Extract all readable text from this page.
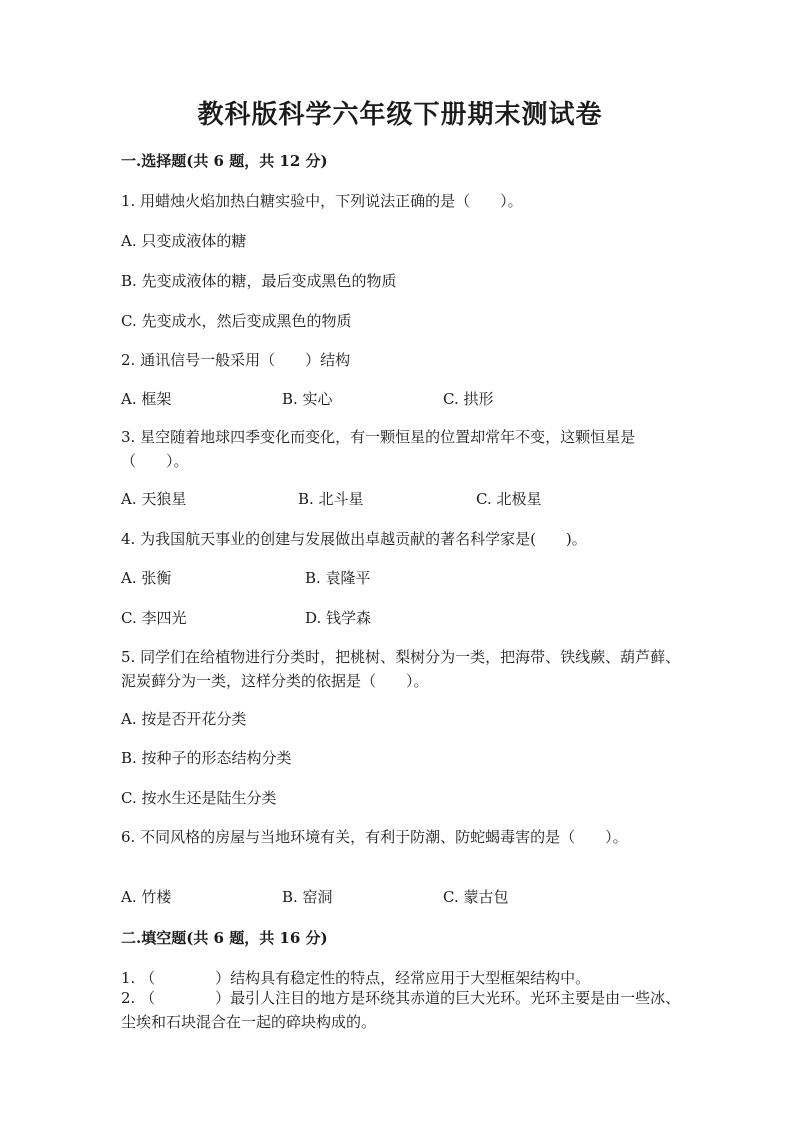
教科版科学六年级下册期末测试卷
一.选择题(共 6 题，共 12 分)
1. 用蜡烛火焰加热白糖实验中，下列说法正确的是（　　）。
A. 只变成液体的糖
B. 先变成液体的糖，最后变成黑色的物质
C. 先变成水，然后变成黑色的物质
2. 通讯信号一般采用（　　）结构
A. 框架	B. 实心	C. 拱形
3. 星空随着地球四季变化而变化，有一颗恒星的位置却常年不变，这颗恒星是（　　）。
A. 天狼星	B. 北斗星	C. 北极星
4. 为我国航天事业的创建与发展做出卓越贡献的著名科学家是(　　)。
A. 张衡	B. 袁隆平
C. 李四光	D. 钱学森
5. 同学们在给植物进行分类时，把桃树、梨树分为一类，把海带、铁线蕨、葫芦藓、泥炭藓分为一类，这样分类的依据是（　　）。
A. 按是否开花分类
B. 按种子的形态结构分类
C. 按水生还是陆生分类
6. 不同风格的房屋与当地环境有关，有利于防潮、防蛇蝎毒害的是（　　）。
A. 竹楼	B. 窑洞	C. 蒙古包
二.填空题(共 6 题，共 16 分)
1. （　　　　）结构具有稳定性的特点，经常应用于大型框架结构中。
2. （　　　　）最引人注目的地方是环绕其赤道的巨大光环。光环主要是由一些冰、尘埃和石块混合在一起的碎块构成的。
